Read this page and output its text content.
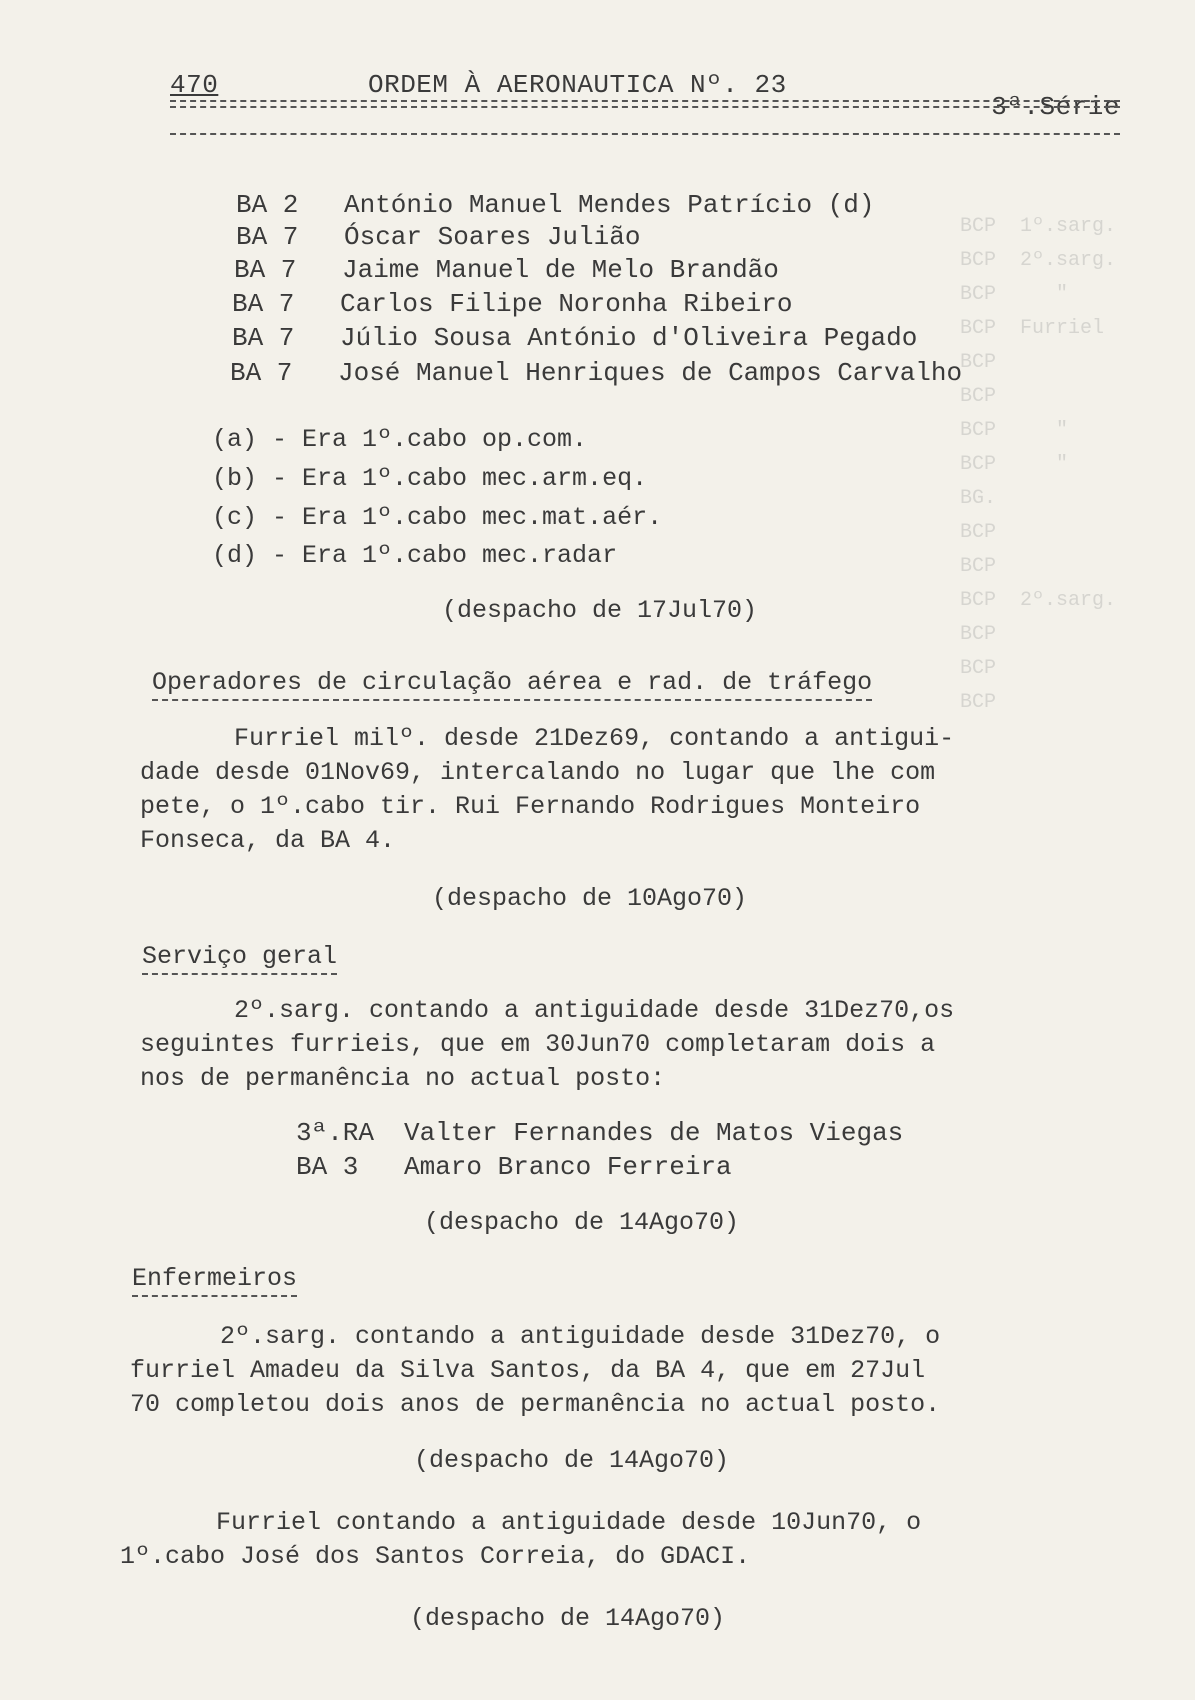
BCP  1º.sarg.
BCP  2º.sarg.
BCP     "
BCP  Furriel
BCP
BCP
BCP     "
BCP     "
BG.
BCP
BCP
BCP  2º.sarg.
BCP
BCP
BCP
470	ORDEM À AERONAUTICA Nº. 23
3ª.Série
BA 2 António Manuel Mendes Patrício (d)
BA 7 Óscar Soares Julião
BA 7 Jaime Manuel de Melo Brandão
BA 7 Carlos Filipe Noronha Ribeiro
BA 7 Júlio Sousa António d'Oliveira Pegado
BA 7 José Manuel Henriques de Campos Carvalho
(a) - Era 1º.cabo op.com.
(b) - Era 1º.cabo mec.arm.eq.
(c) - Era 1º.cabo mec.mat.aér.
(d) - Era 1º.cabo mec.radar
(despacho de 17Jul70)
Operadores de circulação aérea e rad. de tráfego
Furriel milº. desde 21Dez69, contando a antigui-
dade desde 01Nov69, intercalando no lugar que lhe com
pete, o 1º.cabo tir. Rui Fernando Rodrigues Monteiro
Fonseca, da BA 4.
(despacho de 10Ago70)
Serviço geral
2º.sarg. contando a antiguidade desde 31Dez70,os
seguintes furrieis, que em 30Jun70 completaram dois a
nos de permanência no actual posto:
3ª.RA Valter Fernandes de Matos Viegas
BA 3 Amaro Branco Ferreira
(despacho de 14Ago70)
Enfermeiros
2º.sarg. contando a antiguidade desde 31Dez70, o
furriel Amadeu da Silva Santos, da BA 4, que em 27Jul
70 completou dois anos de permanência no actual posto.
(despacho de 14Ago70)
Furriel contando a antiguidade desde 10Jun70, o
1º.cabo José dos Santos Correia, do GDACI.
(despacho de 14Ago70)
